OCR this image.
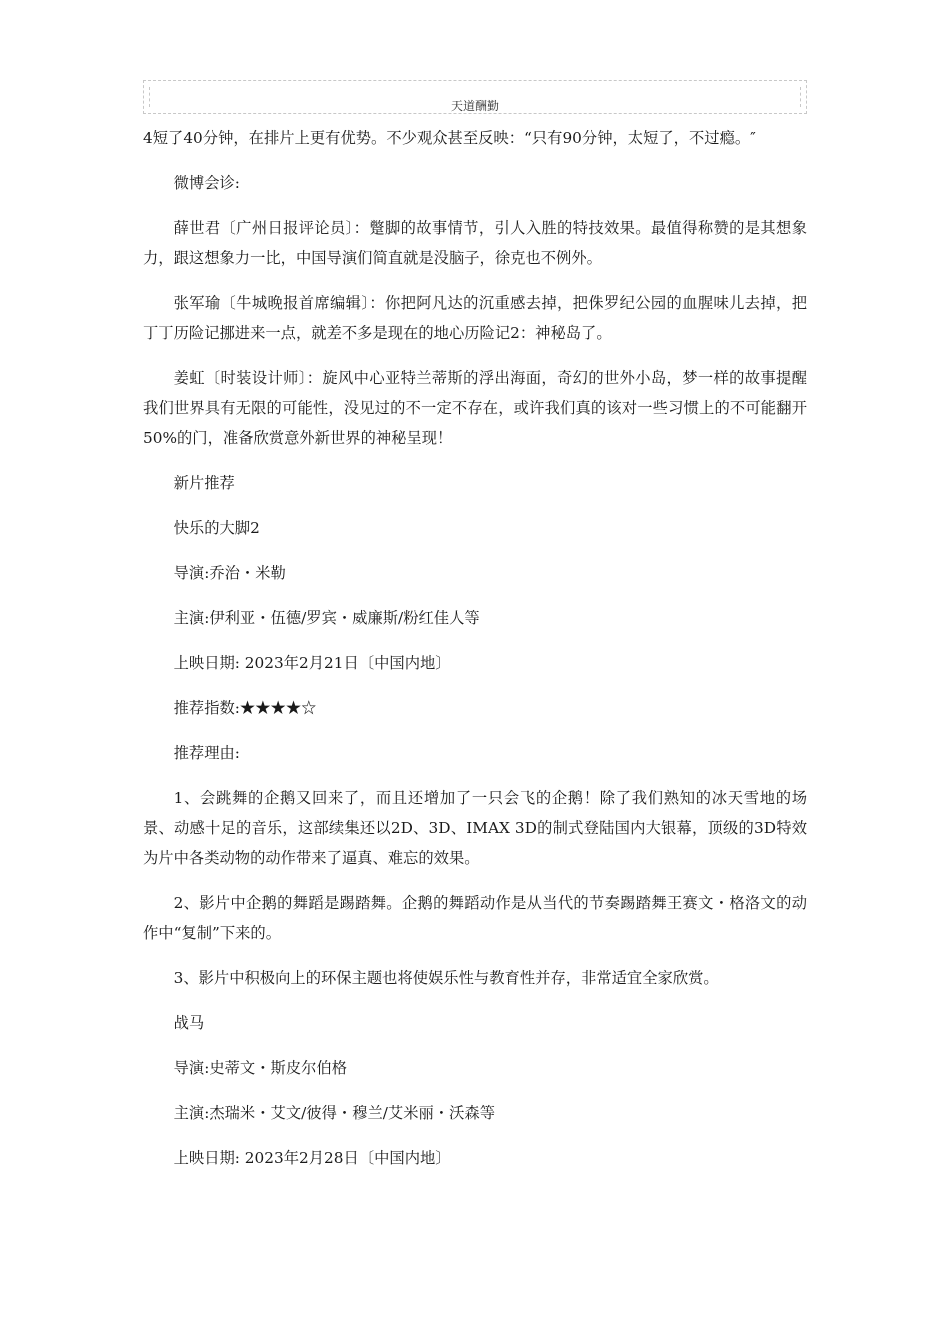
天道酬勤

4短了40分钟，在排片上更有优势。不少观众甚至反映：“只有90分钟，太短了，不过瘾。″

微博会诊:

薛世君〔广州日报评论员〕：蹩脚的故事情节，引人入胜的特技效果。最值得称赞的是其想象力，跟这想象力一比，中国导演们简直就是没脑子，徐克也不例外。

张军瑜〔牛城晚报首席编辑〕：你把阿凡达的沉重感去掉，把侏罗纪公园的血腥味儿去掉，把丁丁历险记挪进来一点，就差不多是现在的地心历险记2：神秘岛了。

姜虹〔时装设计师〕：旋风中心亚特兰蒂斯的浮出海面，奇幻的世外小岛，梦一样的故事提醒我们世界具有无限的可能性，没见过的不一定不存在，或许我们真的该对一些习惯上的不可能翻开50%的门，准备欣赏意外新世界的神秘呈现！

新片推荐

快乐的大脚2

导演:乔治・米勒

主演:伊利亚・伍德/罗宾・威廉斯/粉红佳人等

上映日期: 2023年2月21日〔中国内地〕

推荐指数:★★★★☆

推荐理由:

1、会跳舞的企鹅又回来了，而且还增加了一只会飞的企鹅！除了我们熟知的冰天雪地的场景、动感十足的音乐，这部续集还以2D、3D、IMAX 3D的制式登陆国内大银幕，顶级的3D特效为片中各类动物的动作带来了逼真、难忘的效果。

2、影片中企鹅的舞蹈是踢踏舞。企鹅的舞蹈动作是从当代的节奏踢踏舞王赛文・格洛文的动作中“复制”下来的。

3、影片中积极向上的环保主题也将使娱乐性与教育性并存，非常适宜全家欣赏。

战马

导演:史蒂文・斯皮尔伯格

主演:杰瑞米・艾文/彼得・穆兰/艾米丽・沃森等

上映日期: 2023年2月28日〔中国内地〕
